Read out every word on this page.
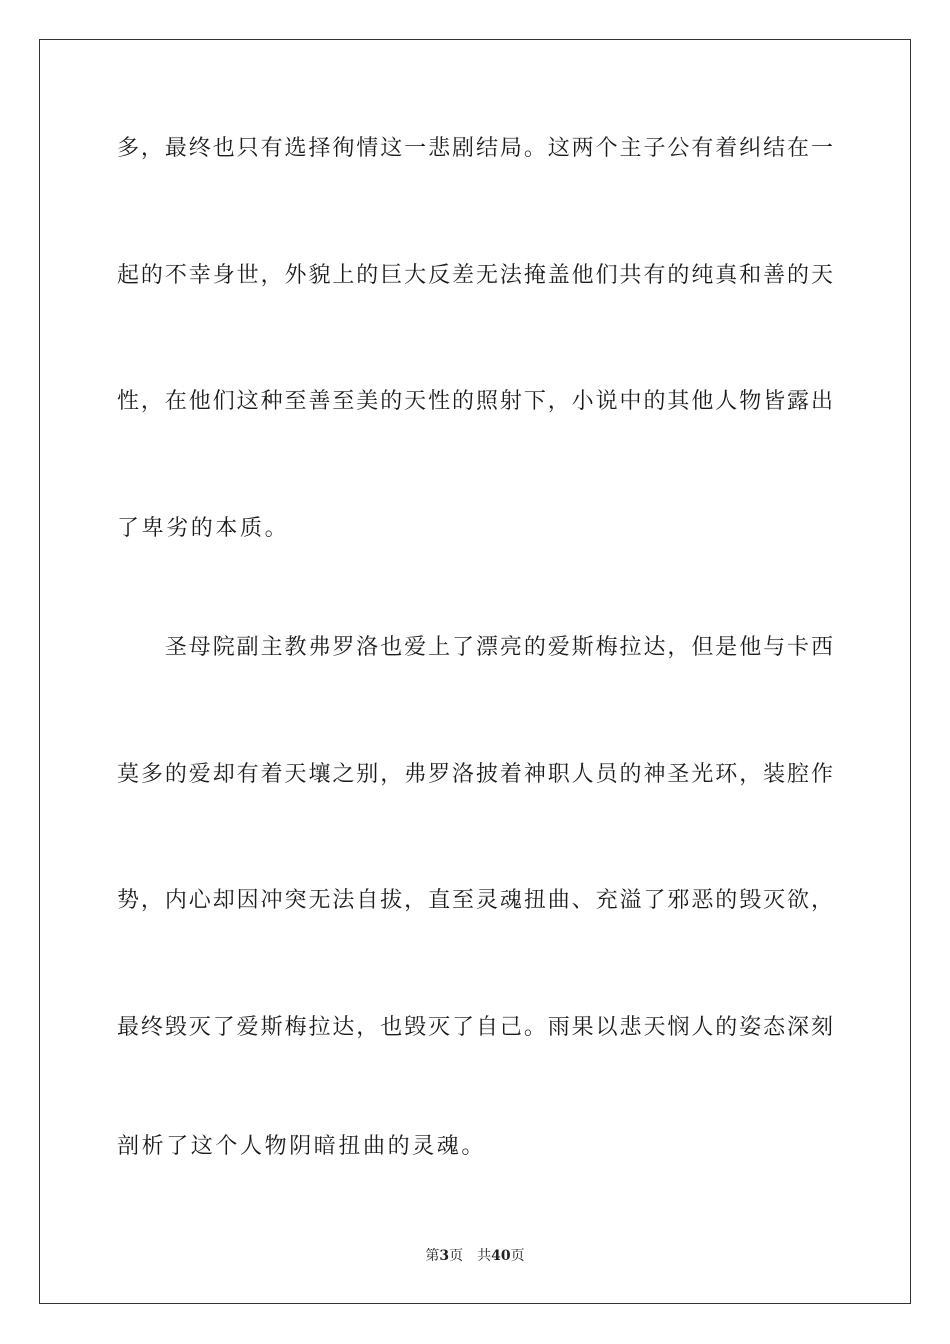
多，最终也只有选择徇情这一悲剧结局。这两个主子公有着纠结在一
起的不幸身世，外貌上的巨大反差无法掩盖他们共有的纯真和善的天
性，在他们这种至善至美的天性的照射下，小说中的其他人物皆露出
了卑劣的本质。
　　圣母院副主教弗罗洛也爱上了漂亮的爱斯梅拉达，但是他与卡西
莫多的爱却有着天壤之别，弗罗洛披着神职人员的神圣光环，装腔作
势，内心却因冲突无法自拔，直至灵魂扭曲、充溢了邪恶的毁灭欲，
最终毁灭了爱斯梅拉达，也毁灭了自己。雨果以悲天悯人的姿态深刻
剖析了这个人物阴暗扭曲的灵魂。
第3页 共40页
